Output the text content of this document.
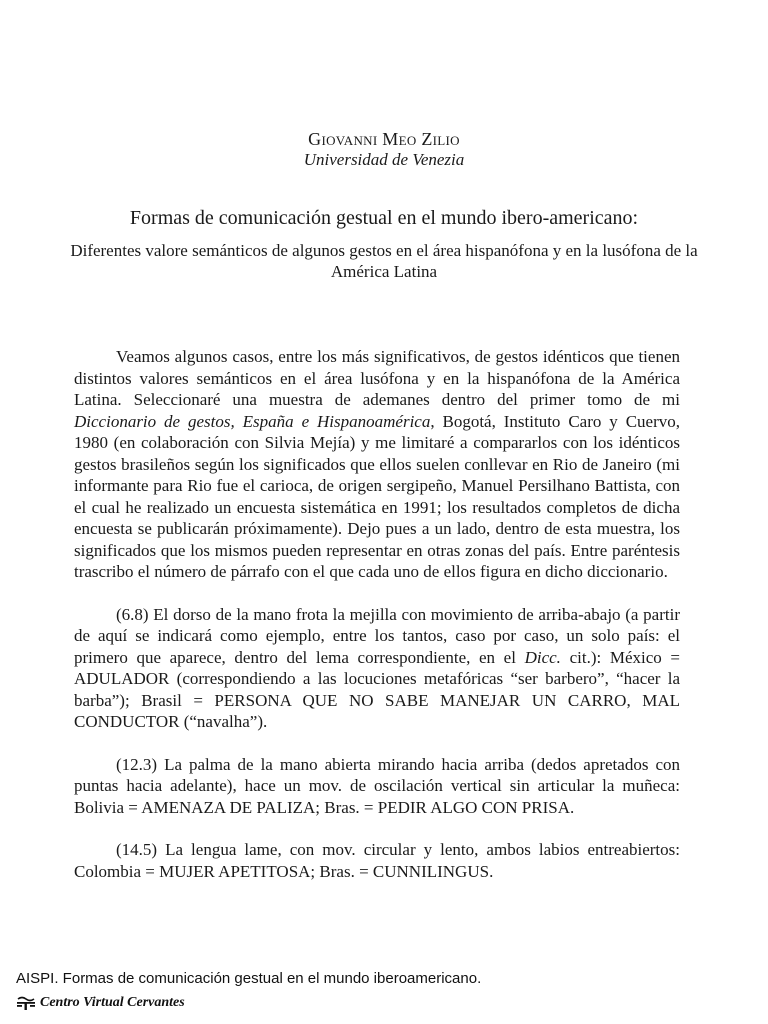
Giovanni Meo Zilio
Universidad de Venezia
Formas de comunicación gestual en el mundo ibero-americano:
Diferentes valore semánticos de algunos gestos en el área hispanófona y en la lusófona de la América Latina

Veamos algunos casos, entre los más significativos, de gestos idénticos que tienen distintos valores semánticos en el área lusófona y en la hispanófona de la América Latina. Seleccionaré una muestra de ademanes dentro del primer tomo de mi Diccionario de gestos, España e Hispanoamérica, Bogotá, Instituto Caro y Cuervo, 1980 (en colaboración con Silvia Mejía) y me limitaré a compararlos con los idénticos gestos brasileños según los significados que ellos suelen conllevar en Rio de Janeiro (mi informante para Rio fue el carioca, de origen sergipeño, Manuel Persilhano Battista, con el cual he realizado un encuesta sistemática en 1991; los resultados completos de dicha encuesta se publicarán próximamente). Dejo pues a un lado, dentro de esta muestra, los significados que los mismos pueden representar en otras zonas del país. Entre paréntesis trascribo el número de párrafo con el que cada uno de ellos figura en dicho diccionario.

(6.8) El dorso de la mano frota la mejilla con movimiento de arriba-abajo (a partir de aquí se indicará como ejemplo, entre los tantos, caso por caso, un solo país: el primero que aparece, dentro del lema correspondiente, en el Dicc. cit.): México = ADULADOR (correspondiendo a las locuciones metafóricas “ser barbero”, “hacer la barba”); Brasil = PERSONA QUE NO SABE MANEJAR UN CARRO, MAL CONDUCTOR (“navalha”).

(12.3) La palma de la mano abierta mirando hacia arriba (dedos apretados con puntas hacia adelante), hace un mov. de oscilación vertical sin articular la muñeca: Bolivia = AMENAZA DE PALIZA; Bras. = PEDIR ALGO CON PRISA.

(14.5) La lengua lame, con mov. circular y lento, ambos labios entreabiertos: Colombia = MUJER APETITOSA; Bras. = CUNNILINGUS.

AISPI. Formas de comunicación gestual en el mundo iberoamericano.
Centro Virtual Cervantes
